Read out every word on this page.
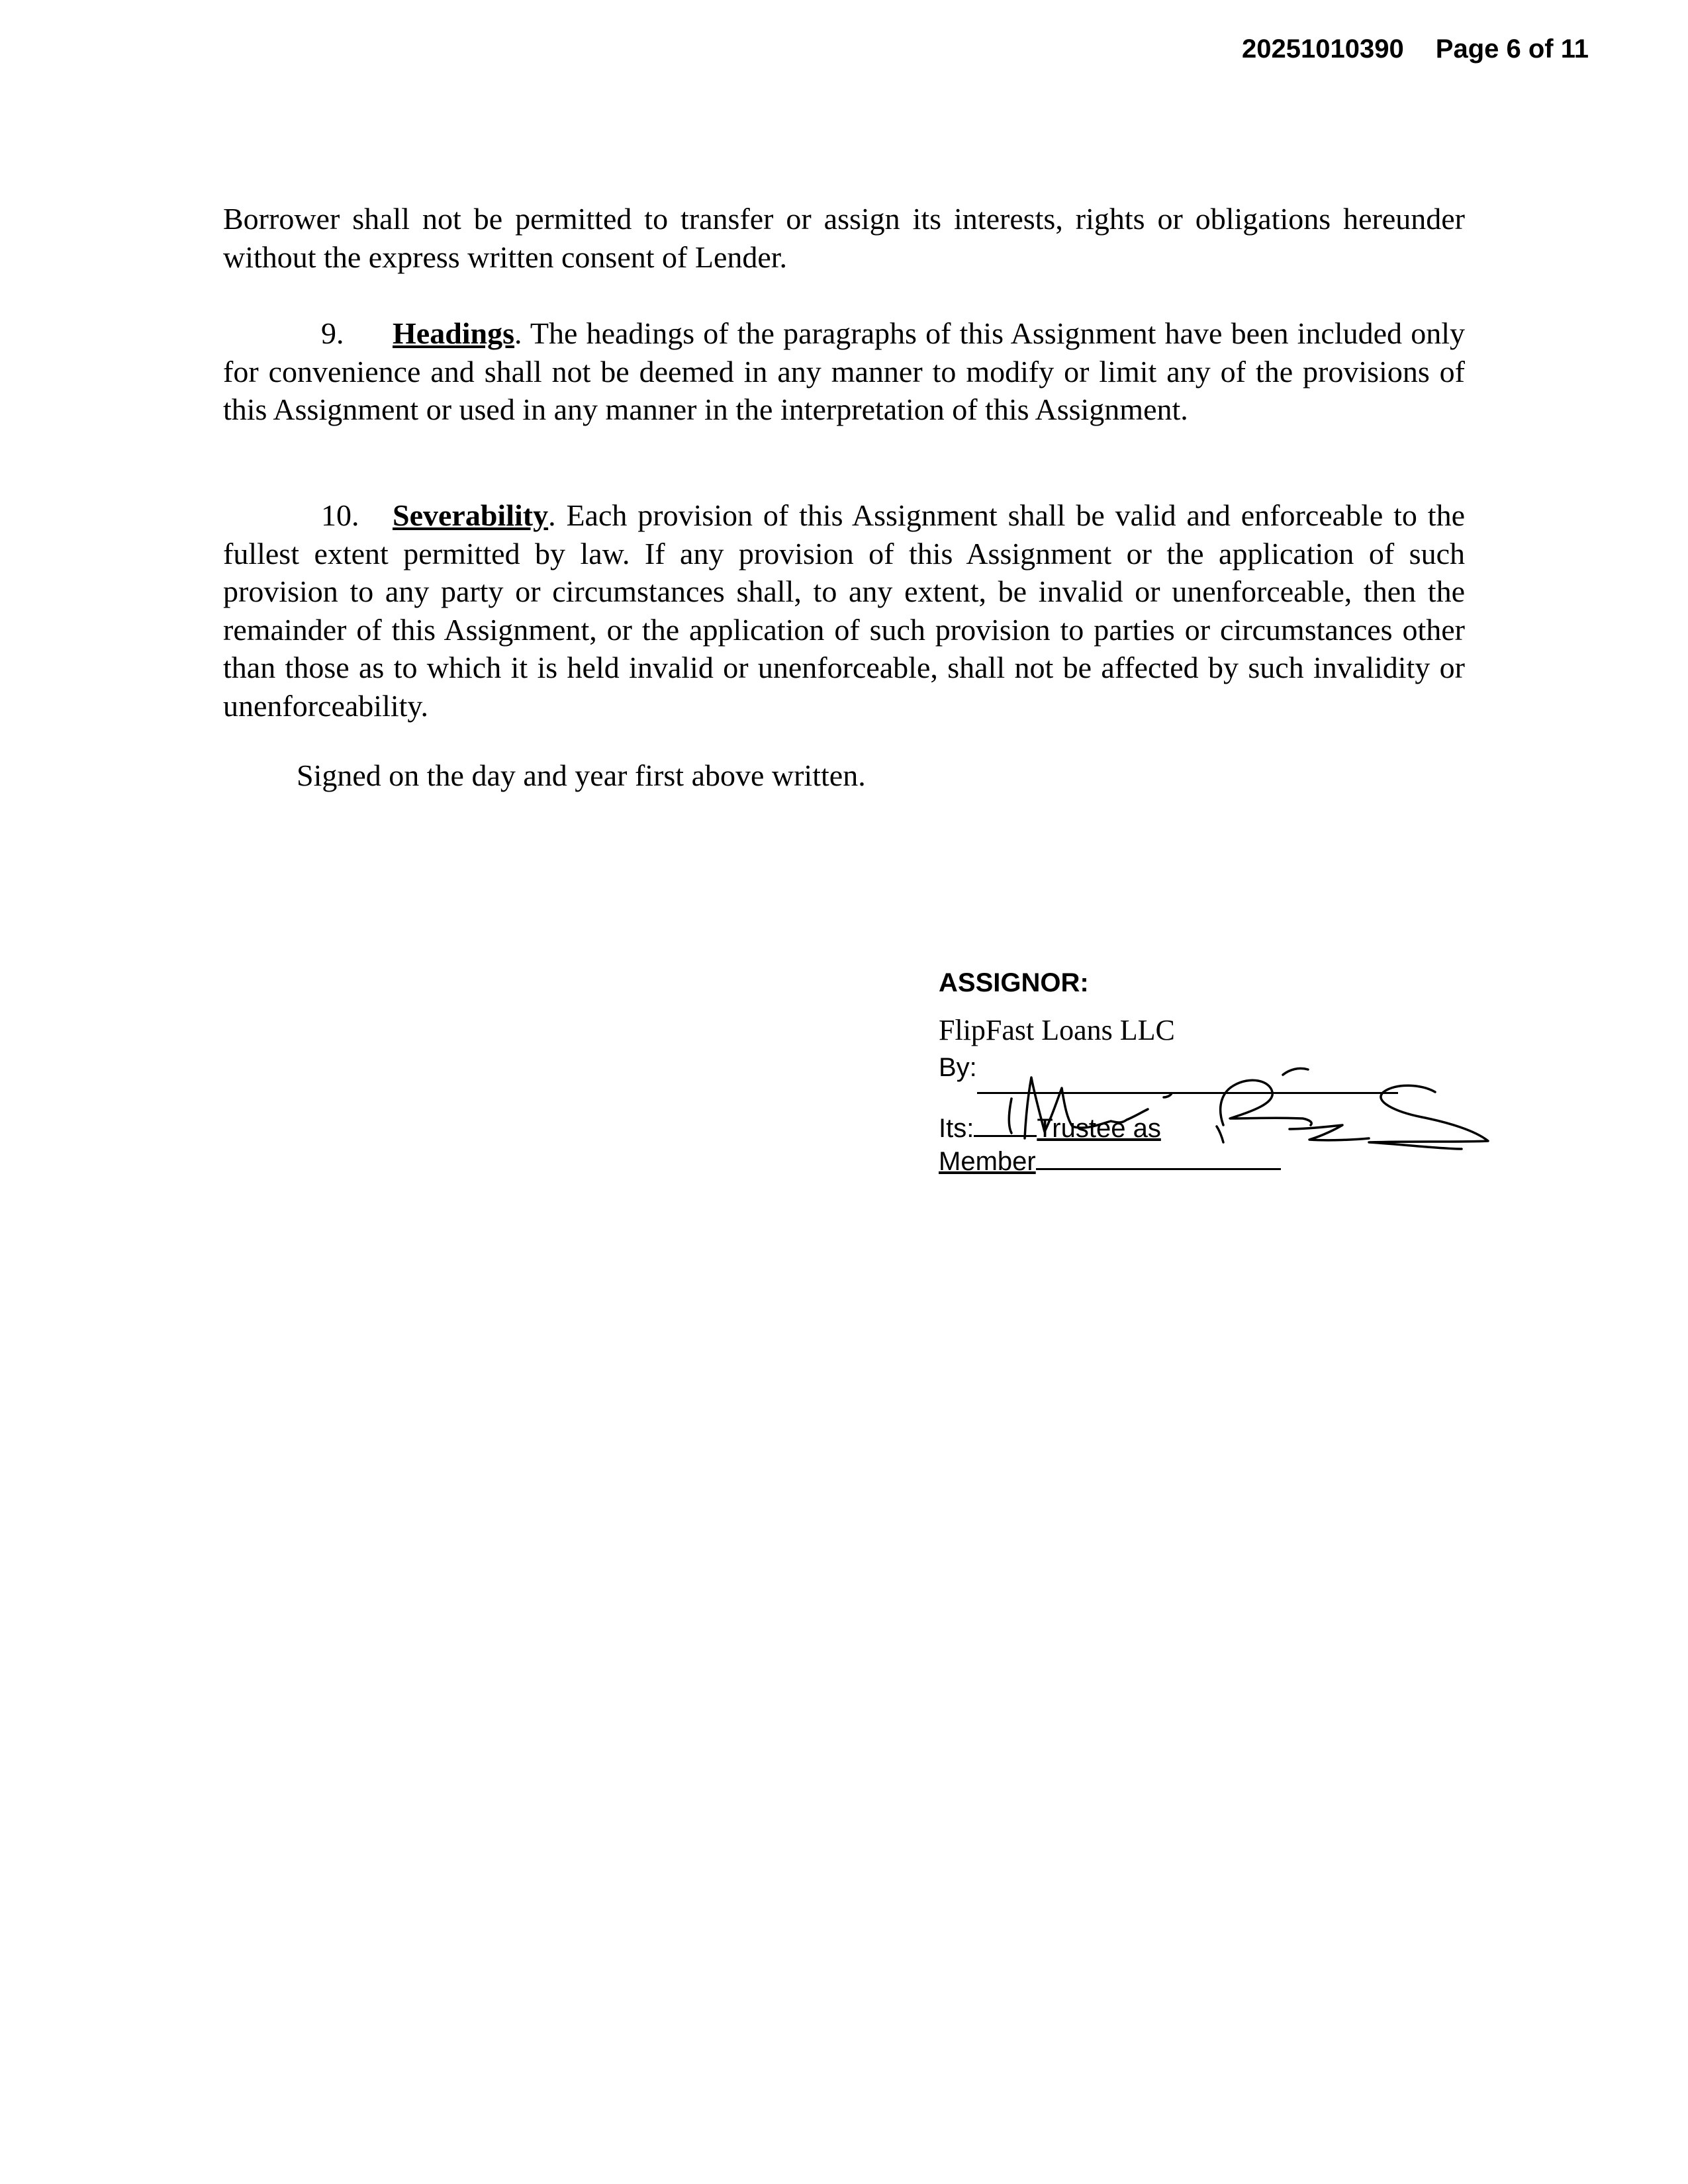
20251010390 Page 6 of 11

Borrower shall not be permitted to transfer or assign its interests, rights or obligations hereunder without the express written consent of Lender.

9. Headings. The headings of the paragraphs of this Assignment have been included only for convenience and shall not be deemed in any manner to modify or limit any of the provisions of this Assignment or used in any manner in the interpretation of this Assignment.

10. Severability. Each provision of this Assignment shall be valid and enforceable to the fullest extent permitted by law. If any provision of this Assignment or the application of such provision to any party or circumstances shall, to any extent, be invalid or unenforceable, then the remainder of this Assignment, or the application of such provision to parties or circumstances other than those as to which it is held invalid or unenforceable, shall not be affected by such invalidity or unenforceability.

Signed on the day and year first above written.

ASSIGNOR:
FlipFast Loans LLC
By:
Its: Trustee as
Member
